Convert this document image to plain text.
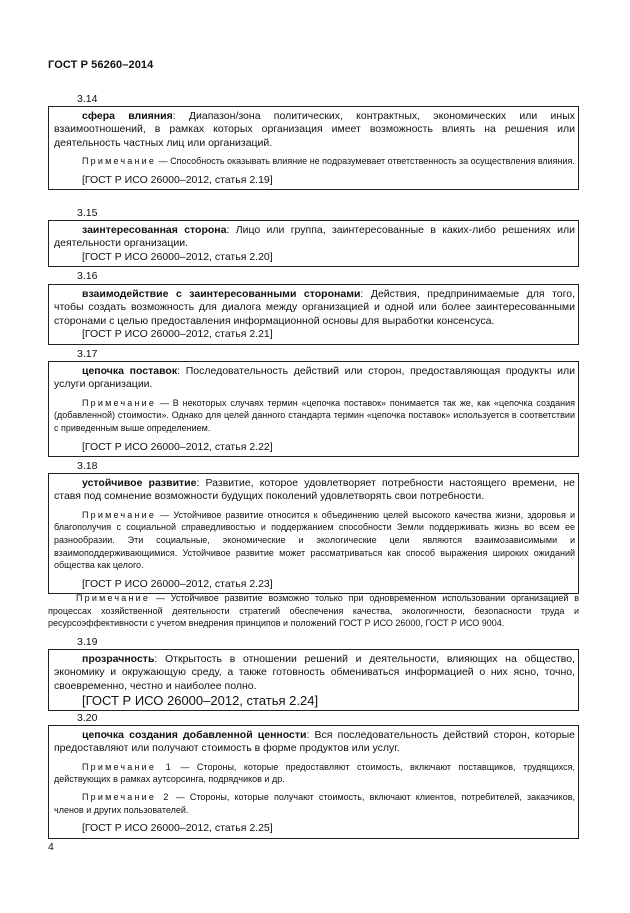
ГОСТ Р 56260–2014
3.14

сфера влияния: Диапазон/зона политических, контрактных, экономических или иных взаимоотношений, в рамках которых организация имеет возможность влиять на решения или деятельность частных лиц или организаций.

Примечание — Способность оказывать влияние не подразумевает ответственность за осуществления влияния.

[ГОСТ Р ИСО 26000–2012, статья 2.19]

3.15

заинтересованная сторона: Лицо или группа, заинтересованные в каких-либо решениях или деятельности организации.

[ГОСТ Р ИСО 26000–2012, статья 2.20]

3.16

взаимодействие с заинтересованными сторонами: Действия, предпринимаемые для того, чтобы создать возможность для диалога между организацией и одной или более заинтересованными сторонами с целью предоставления информационной основы для выработки консенсуса.

[ГОСТ Р ИСО 26000–2012, статья 2.21]

3.17

цепочка поставок: Последовательность действий или сторон, предоставляющая продукты или услуги организации.

Примечание — В некоторых случаях термин «цепочка поставок» понимается так же, как «цепочка создания (добавленной) стоимости». Однако для целей данного стандарта термин «цепочка поставок» используется в соответствии с приведенным выше определением.

[ГОСТ Р ИСО 26000–2012, статья 2.22]

3.18

устойчивое развитие: Развитие, которое удовлетворяет потребности настоящего времени, не ставя под сомнение возможности будущих поколений удовлетворять свои потребности.

Примечание — Устойчивое развитие относится к объединению целей высокого качества жизни, здоровья и благополучия с социальной справедливостью и поддержанием способности Земли поддерживать жизнь во всем ее разнообразии. Эти социальные, экономические и экологические цели являются взаимозависимыми и взаимоподдерживающимися. Устойчивое развитие может рассматриваться как способ выражения широких ожиданий общества как целого.

[ГОСТ Р ИСО 26000–2012, статья 2.23]

Примечание — Устойчивое развитие возможно только при одновременном использовании организацией в процессах хозяйственной деятельности стратегий обеспечения качества, экологичности, безопасности труда и ресурсоэффективности с учетом внедрения принципов и положений ГОСТ Р ИСО 26000, ГОСТ Р ИСО 9004.
3.19

прозрачность: Открытость в отношении решений и деятельности, влияющих на общество, экономику и окружающую среду, а также готовность обмениваться информацией о них ясно, точно, своевременно, честно и наиболее полно.

[ГОСТ Р ИСО 26000–2012, статья 2.24]

3.20

цепочка создания добавленной ценности: Вся последовательность действий сторон, которые предоставляют или получают стоимость в форме продуктов или услуг.

Примечание 1 — Стороны, которые предоставляют стоимость, включают поставщиков, трудящихся, действующих в рамках аутсорсинга, подрядчиков и др.

Примечание 2 — Стороны, которые получают стоимость, включают клиентов, потребителей, заказчиков, членов и других пользователей.

[ГОСТ Р ИСО 26000–2012, статья 2.25]

4
